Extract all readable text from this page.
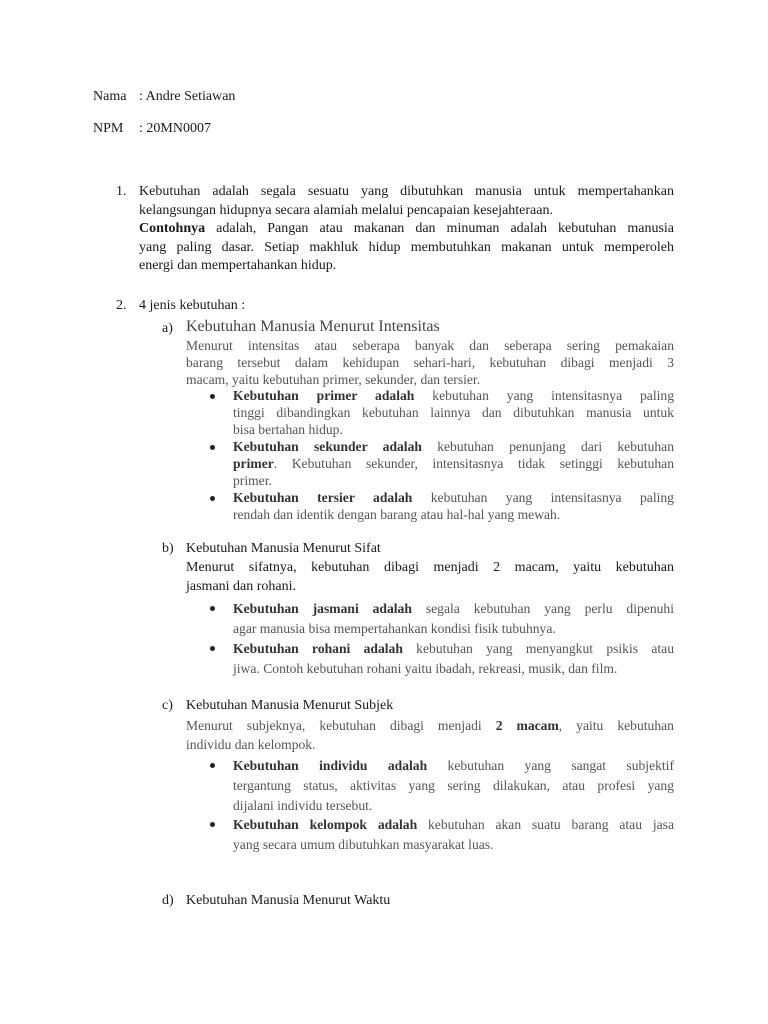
Nama : Andre Setiawan
NPM : 20MN0007
1. Kebutuhan adalah segala sesuatu yang dibutuhkan manusia untuk mempertahankan
kelangsungan hidupnya secara alamiah melalui pencapaian kesejahteraan.
Contohnya adalah, Pangan atau makanan dan minuman adalah kebutuhan manusia
yang paling dasar. Setiap makhluk hidup membutuhkan makanan untuk memperoleh
energi dan mempertahankan hidup.
2. 4 jenis kebutuhan :
a) Kebutuhan Manusia Menurut Intensitas
Menurut intensitas atau seberapa banyak dan seberapa sering pemakaian
barang tersebut dalam kehidupan sehari-hari, kebutuhan dibagi menjadi 3
macam, yaitu kebutuhan primer, sekunder, dan tersier.
Kebutuhan primer adalah kebutuhan yang intensitasnya paling
tinggi dibandingkan kebutuhan lainnya dan dibutuhkan manusia untuk
bisa bertahan hidup.
Kebutuhan sekunder adalah kebutuhan penunjang dari kebutuhan
primer. Kebutuhan sekunder, intensitasnya tidak setinggi kebutuhan
primer.
Kebutuhan tersier adalah kebutuhan yang intensitasnya paling
rendah dan identik dengan barang atau hal-hal yang mewah.
b) Kebutuhan Manusia Menurut Sifat
Menurut sifatnya, kebutuhan dibagi menjadi 2 macam, yaitu kebutuhan
jasmani dan rohani.
Kebutuhan jasmani adalah segala kebutuhan yang perlu dipenuhi
agar manusia bisa mempertahankan kondisi fisik tubuhnya.
Kebutuhan rohani adalah kebutuhan yang menyangkut psikis atau
jiwa. Contoh kebutuhan rohani yaitu ibadah, rekreasi, musik, dan film.
c) Kebutuhan Manusia Menurut Subjek
Menurut subjeknya, kebutuhan dibagi menjadi 2 macam, yaitu kebutuhan
individu dan kelompok.
Kebutuhan individu adalah kebutuhan yang sangat subjektif
tergantung status, aktivitas yang sering dilakukan, atau profesi yang
dijalani individu tersebut.
Kebutuhan kelompok adalah kebutuhan akan suatu barang atau jasa
yang secara umum dibutuhkan masyarakat luas.
d) Kebutuhan Manusia Menurut Waktu
